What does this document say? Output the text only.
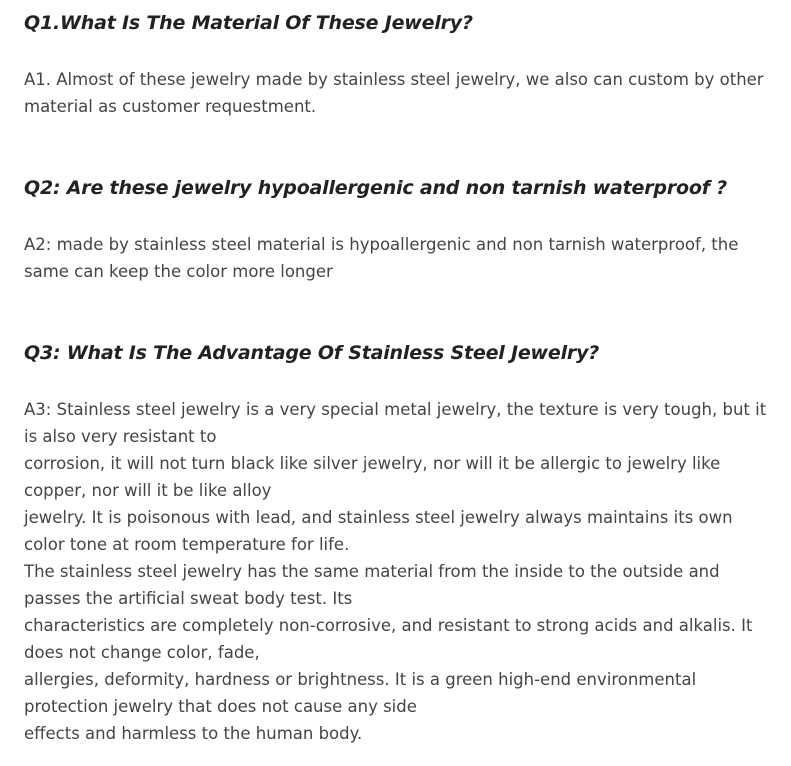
Q1.What Is The Material Of These Jewelry?

A1. Almost of these jewelry made by stainless steel jewelry, we also can custom by other material as customer requestment.

Q2: Are these jewelry hypoallergenic and non tarnish waterproof ?

A2: made by stainless steel material is hypoallergenic and non tarnish waterproof, the same can keep the color more longer

Q3: What Is The Advantage Of Stainless Steel Jewelry?

A3: Stainless steel jewelry is a very special metal jewelry, the texture is very tough, but it is also very resistant to
corrosion, it will not turn black like silver jewelry, nor will it be allergic to jewelry like copper, nor will it be like alloy
jewelry. It is poisonous with lead, and stainless steel jewelry always maintains its own color tone at room temperature for life.
The stainless steel jewelry has the same material from the inside to the outside and passes the artificial sweat body test. Its
characteristics are completely non-corrosive, and resistant to strong acids and alkalis. It does not change color, fade,
allergies, deformity, hardness or brightness. It is a green high-end environmental protection jewelry that does not cause any side
effects and harmless to the human body.
